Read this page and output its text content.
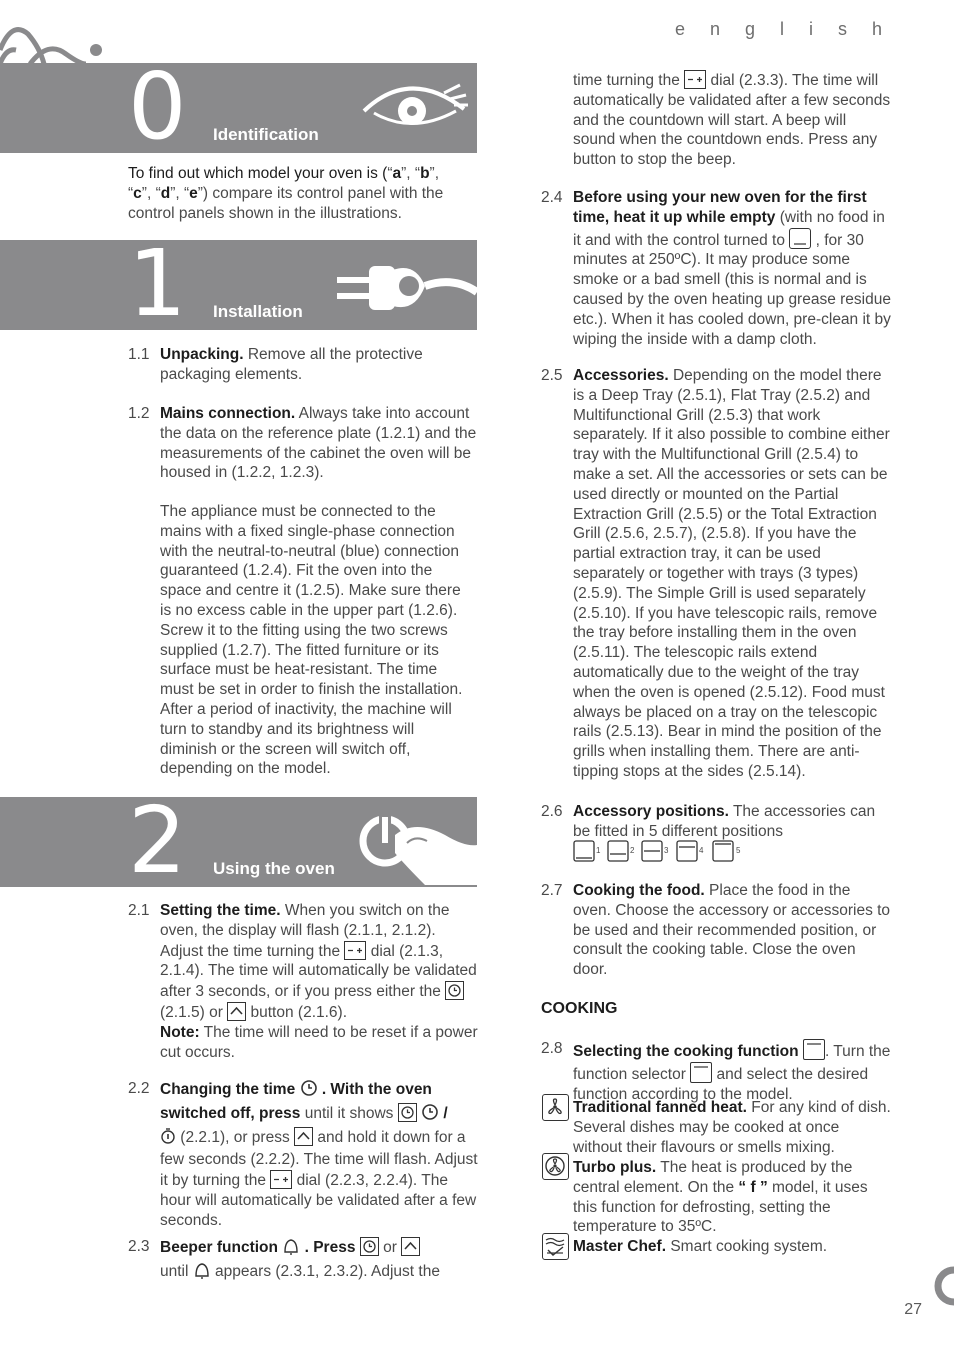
e n g l i s h
0 Identification
To find out which model your oven is (“a”, “b”,
“c”, “d”, “e”) compare its control panel with the control panels shown in the illustrations.
1 Installation
1.1 Unpacking. Remove all the protective packaging elements.
1.2 Mains connection. Always take into account the data on the reference plate (1.2.1) and the measurements of the cabinet the oven will be housed in (1.2.2, 1.2.3).
The appliance must be connected to the mains with a fixed single-phase connection with the neutral-to-neutral (blue) connection guaranteed (1.2.4). Fit the oven into the space and centre it (1.2.5). Make sure there is no excess cable in the upper part (1.2.6). Screw it to the fitting using the two screws supplied (1.2.7). The fitted furniture or its surface must be heat-resistant. The time must be set in order to finish the installation. After a period of inactivity, the machine will turn to standby and its brightness will diminish or the screen will switch off, depending on the model.
2 Using the oven
2.1 Setting the time. When you switch on the oven, the display will flash (2.1.1, 2.1.2). Adjust the time turning the  dial (2.1.3, 2.1.4). The time will automatically be validated after 3 seconds, or if you press either the  (2.1.5) or  button (2.1.6).
Note: The time will need to be reset if a power cut occurs.
2.2 Changing the time  . With the oven switched off, press until it shows	/
(2.2.1), or press  and hold it down for a few seconds (2.2.2). The time will flash. Adjust it by turning the  dial (2.2.3, 2.2.4). The hour will automatically be validated after a few seconds.
2.3 Beeper function  . Press  or
until  appears (2.3.1, 2.3.2). Adjust the
time turning the  dial (2.3.3). The time will automatically be validated after a few seconds and the countdown will start. A beep will sound when the countdown ends. Press any button to stop the beep.
2.4 Before using your new oven for the first time, heat it up while empty (with no food in it and with the control turned to  , for 30 minutes at 250ºC). It may produce some smoke or a bad smell (this is normal and is caused by the oven heating up grease residue etc.). When it has cooled down, pre-clean it by wiping the inside with a damp cloth.
2.5 Accessories. Depending on the model there is a Deep Tray (2.5.1), Flat Tray (2.5.2) and Multifunctional Grill (2.5.3) that work separately. If it also possible to combine either tray with the Multifunctional Grill (2.5.4) to make a set. All the accessories or sets can be used directly or mounted on the Partial Extraction Grill (2.5.5) or the Total Extraction Grill (2.5.6, 2.5.7), (2.5.8). If you have the partial extraction tray, it can be used separately or together with trays (3 types) (2.5.9). The Simple Grill is used separately (2.5.10). If you have telescopic rails, remove the tray before installing them in the oven (2.5.11). The telescopic rails extend automatically due to the weight of the tray when the oven is opened (2.5.12). Food must always be placed on a tray on the telescopic rails (2.5.13). Bear in mind the position of the grills when installing them. There are anti-tipping stops at the sides (2.5.14).
2.6 Accessory positions. The accessories can be fitted in 5 different positions
1	2	3	4	5
2.7 Cooking the food. Place the food in the oven. Choose the accessory or accessories to be used and their recommended position, or consult the cooking table. Close the oven door.
COOKING
2.8 Selecting the cooking function . Turn the function selector  and select the desired function according to the model.
Traditional fanned heat. For any kind of dish. Several dishes may be cooked at once without their flavours or smells mixing.
Turbo plus. The heat is produced by the central element. On the “ f ” model, it uses this function for defrosting, setting the temperature to 35ºC.
Master Chef. Smart cooking system.
27
